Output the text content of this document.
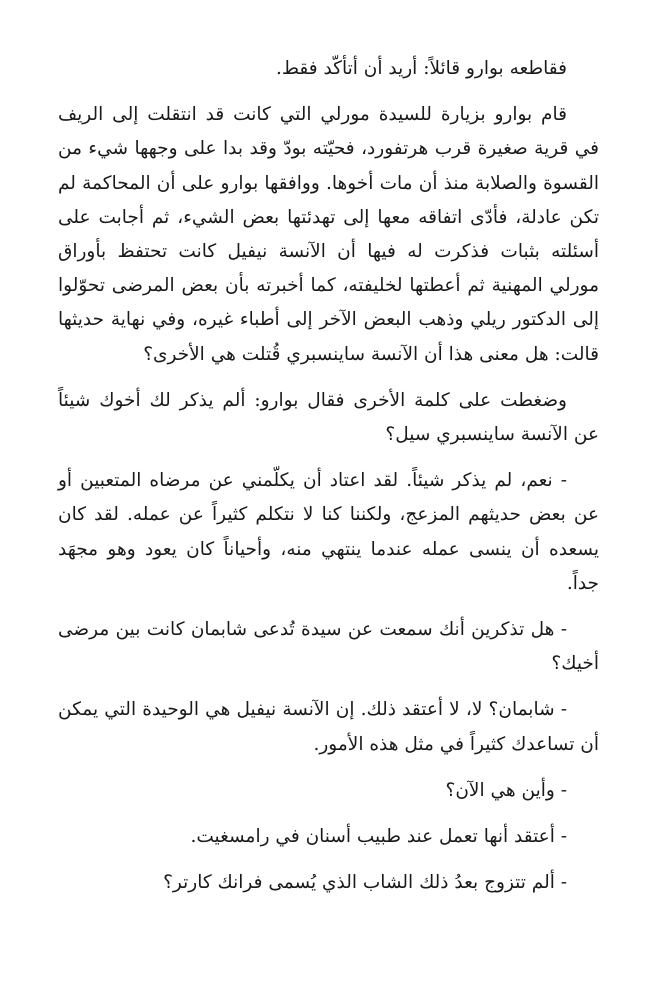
فقاطعه بوارو قائلاً: أريد أن أتأكّد فقط.

قام بوارو بزيارة للسيدة مورلي التي كانت قد انتقلت إلى الريف في قرية صغيرة قرب هرتفورد، فحيّته بودّ وقد بدا على وجهها شيء من القسوة والصلابة منذ أن مات أخوها. ووافقها بوارو على أن المحاكمة لم تكن عادلة، فأدّى اتفاقه معها إلى تهدئتها بعض الشيء، ثم أجابت على أسئلته بثبات فذكرت له فيها أن الآنسة نيفيل كانت تحتفظ بأوراق مورلي المهنية ثم أعطتها لخليفته، كما أخبرته بأن بعض المرضى تحوّلوا إلى الدكتور ريلي وذهب البعض الآخر إلى أطباء غيره، وفي نهاية حديثها قالت: هل معنى هذا أن الآنسة ساينسبري قُتلت هي الأخرى؟

وضغطت على كلمة الأخرى فقال بوارو: ألم يذكر لك أخوك شيئاً عن الآنسة ساينسبري سيل؟

- نعم، لم يذكر شيئاً. لقد اعتاد أن يكلّمني عن مرضاه المتعبين أو عن بعض حديثهم المزعج، ولكننا كنا لا نتكلم كثيراً عن عمله. لقد كان يسعده أن ينسى عمله عندما ينتهي منه، وأحياناً كان يعود وهو مجهَد جداً.

- هل تذكرين أنك سمعت عن سيدة تُدعى شابمان كانت بين مرضى أخيك؟

- شابمان؟ لا، لا أعتقد ذلك. إن الآنسة نيفيل هي الوحيدة التي يمكن أن تساعدك كثيراً في مثل هذه الأمور.

- وأين هي الآن؟

- أعتقد أنها تعمل عند طبيب أسنان في رامسغيت.

- ألم تتزوج بعدُ ذلك الشاب الذي يُسمى فرانك كارتر؟
